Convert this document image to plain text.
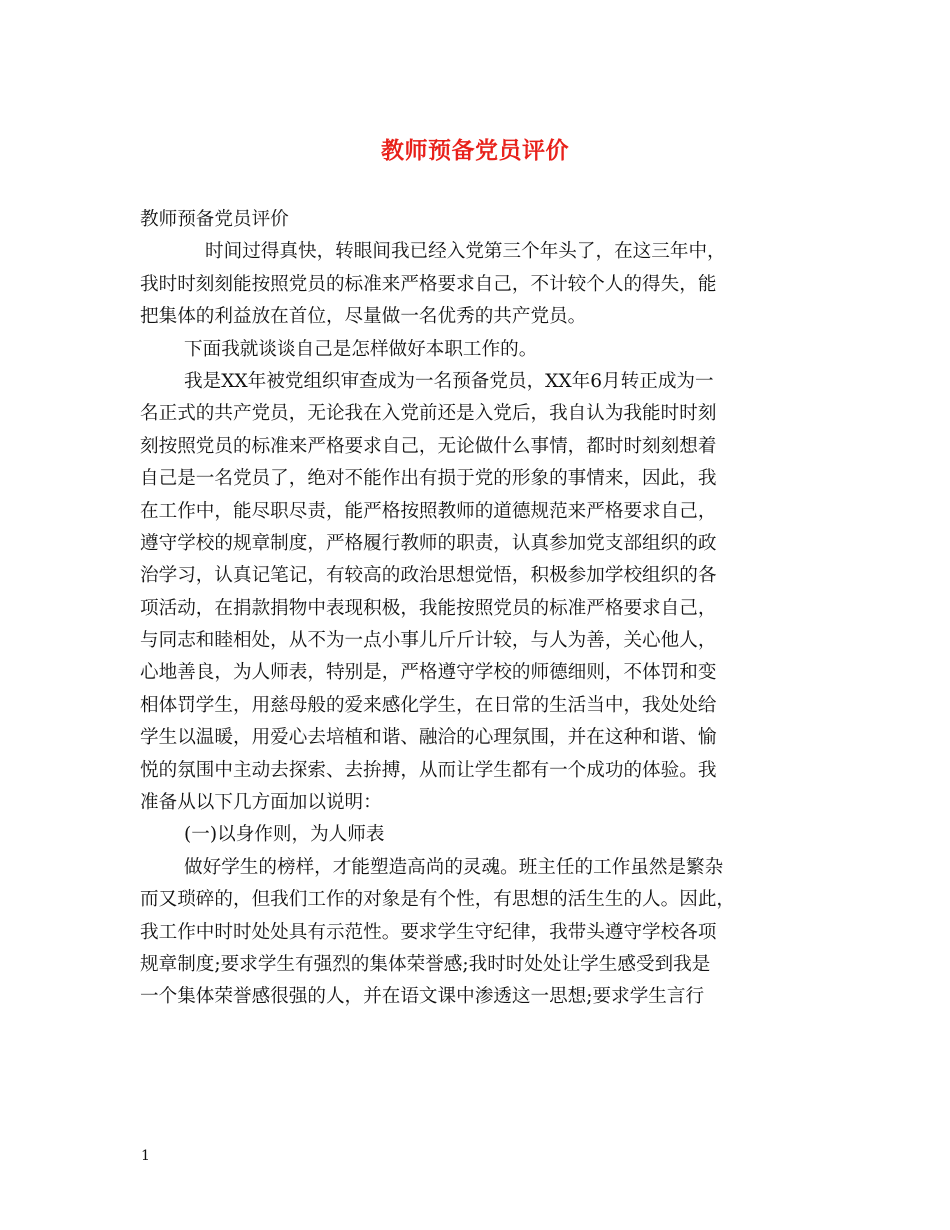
教师预备党员评价
教师预备党员评价
时间过得真快，转眼间我已经入党第三个年头了，在这三年中，
我时时刻刻能按照党员的标准来严格要求自己，不计较个人的得失，能
把集体的利益放在首位，尽量做一名优秀的共产党员。
下面我就谈谈自己是怎样做好本职工作的。
我是XX年被党组织审查成为一名预备党员，XX年6月转正成为一
名正式的共产党员，无论我在入党前还是入党后，我自认为我能时时刻
刻按照党员的标准来严格要求自己，无论做什么事情，都时时刻刻想着
自己是一名党员了，绝对不能作出有损于党的形象的事情来，因此，我
在工作中，能尽职尽责，能严格按照教师的道德规范来严格要求自己，
遵守学校的规章制度，严格履行教师的职责，认真参加党支部组织的政
治学习，认真记笔记，有较高的政治思想觉悟，积极参加学校组织的各
项活动，在捐款捐物中表现积极，我能按照党员的标准严格要求自己，
与同志和睦相处，从不为一点小事儿斤斤计较，与人为善，关心他人，
心地善良，为人师表，特别是，严格遵守学校的师德细则，不体罚和变
相体罚学生，用慈母般的爱来感化学生，在日常的生活当中，我处处给
学生以温暖，用爱心去培植和谐、融洽的心理氛围，并在这种和谐、愉
悦的氛围中主动去探索、去拚搏，从而让学生都有一个成功的体验。我
准备从以下几方面加以说明：
(一)以身作则，为人师表
做好学生的榜样，才能塑造高尚的灵魂。班主任的工作虽然是繁杂
而又琐碎的，但我们工作的对象是有个性，有思想的活生生的人。因此，
我工作中时时处处具有示范性。要求学生守纪律，我带头遵守学校各项
规章制度;要求学生有强烈的集体荣誉感;我时时处处让学生感受到我是
一个集体荣誉感很强的人，并在语文课中渗透这一思想;要求学生言行
1
